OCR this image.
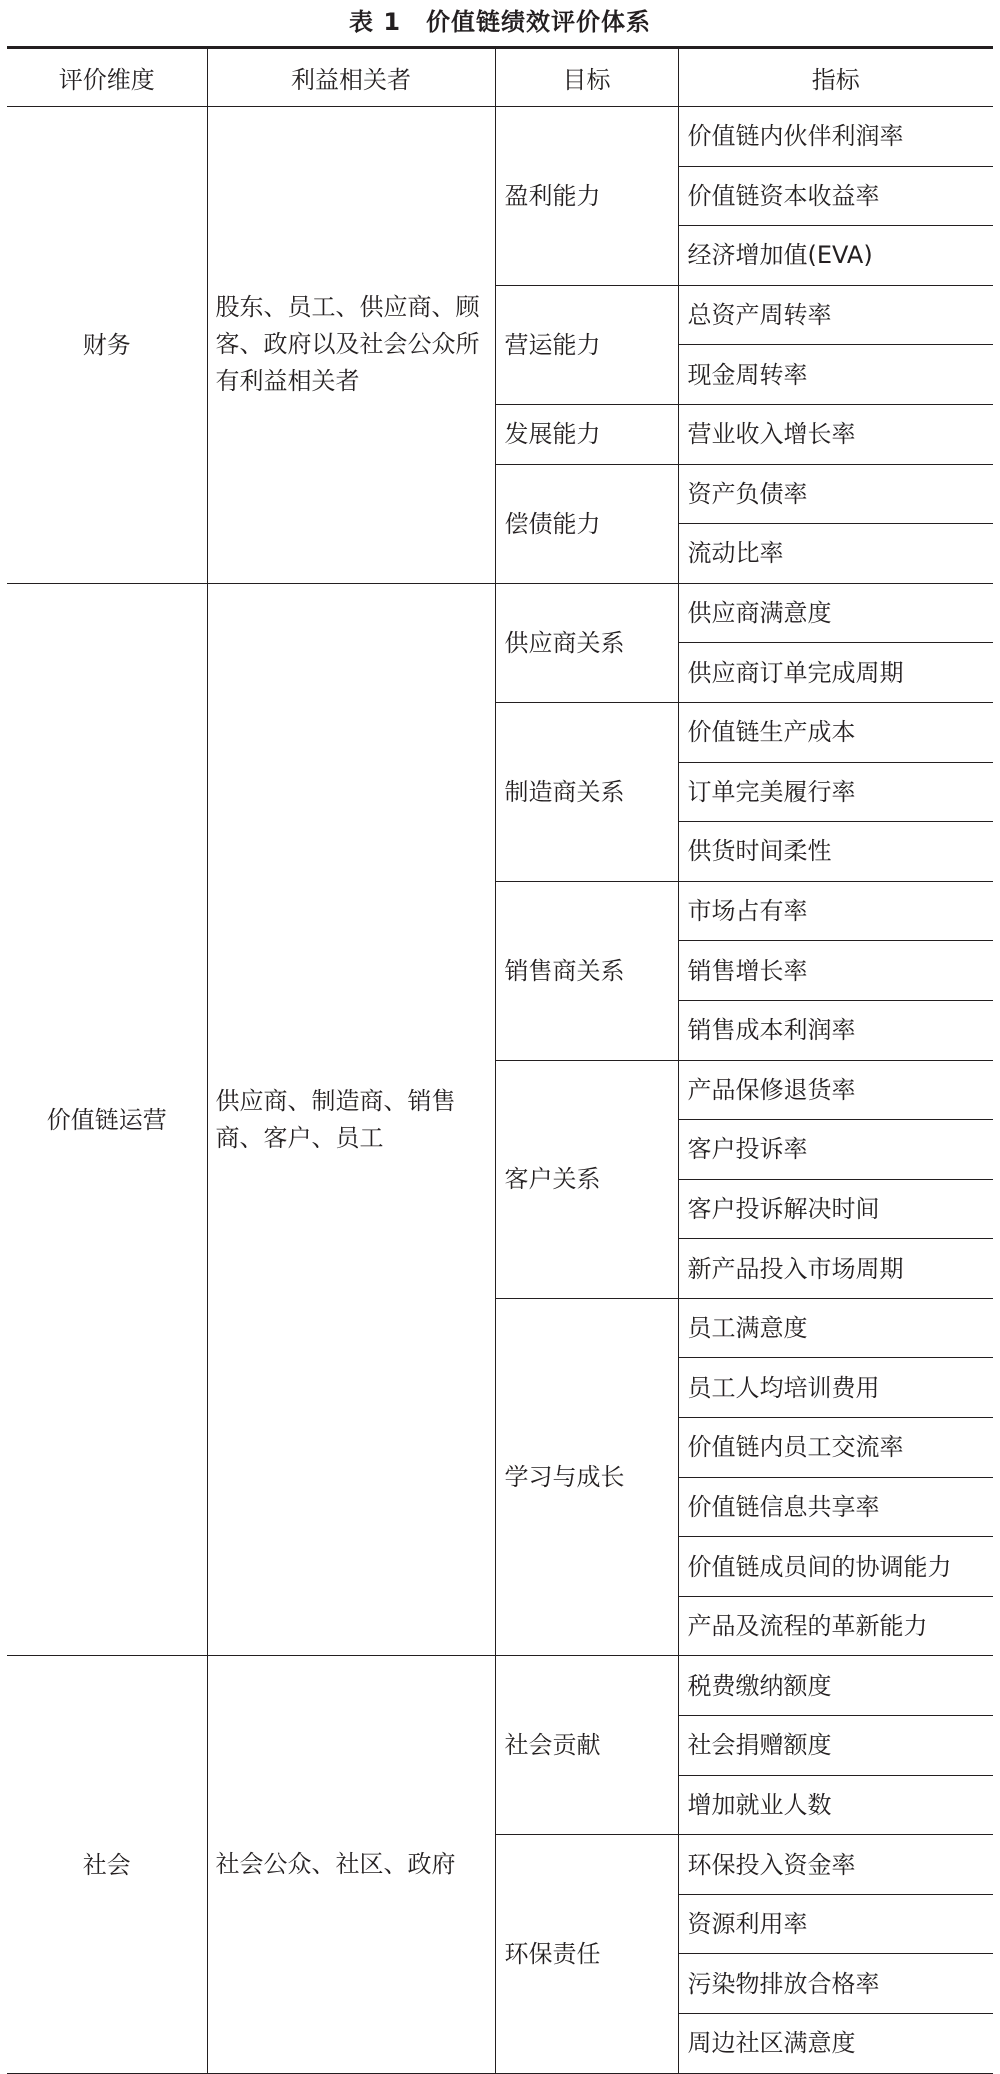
表 1　价值链绩效评价体系
评价维度	利益相关者	目标	指标
财务	股东、员工、供应商、顾客、政府以及社会公众所有利益相关者	盈利能力	价值链内伙伴利润率
			价值链资本收益率
			经济增加值(EVA)
		营运能力	总资产周转率
			现金周转率
		发展能力	营业收入增长率
		偿债能力	资产负债率
			流动比率
价值链运营	供应商、制造商、销售商、客户、员工	供应商关系	供应商满意度
			供应商订单完成周期
		制造商关系	价值链生产成本
			订单完美履行率
			供货时间柔性
		销售商关系	市场占有率
			销售增长率
			销售成本利润率
		客户关系	产品保修退货率
			客户投诉率
			客户投诉解决时间
			新产品投入市场周期
		学习与成长	员工满意度
			员工人均培训费用
			价值链内员工交流率
			价值链信息共享率
			价值链成员间的协调能力
			产品及流程的革新能力
社会	社会公众、社区、政府	社会贡献	税费缴纳额度
			社会捐赠额度
			增加就业人数
		环保责任	环保投入资金率
			资源利用率
			污染物排放合格率
			周边社区满意度
